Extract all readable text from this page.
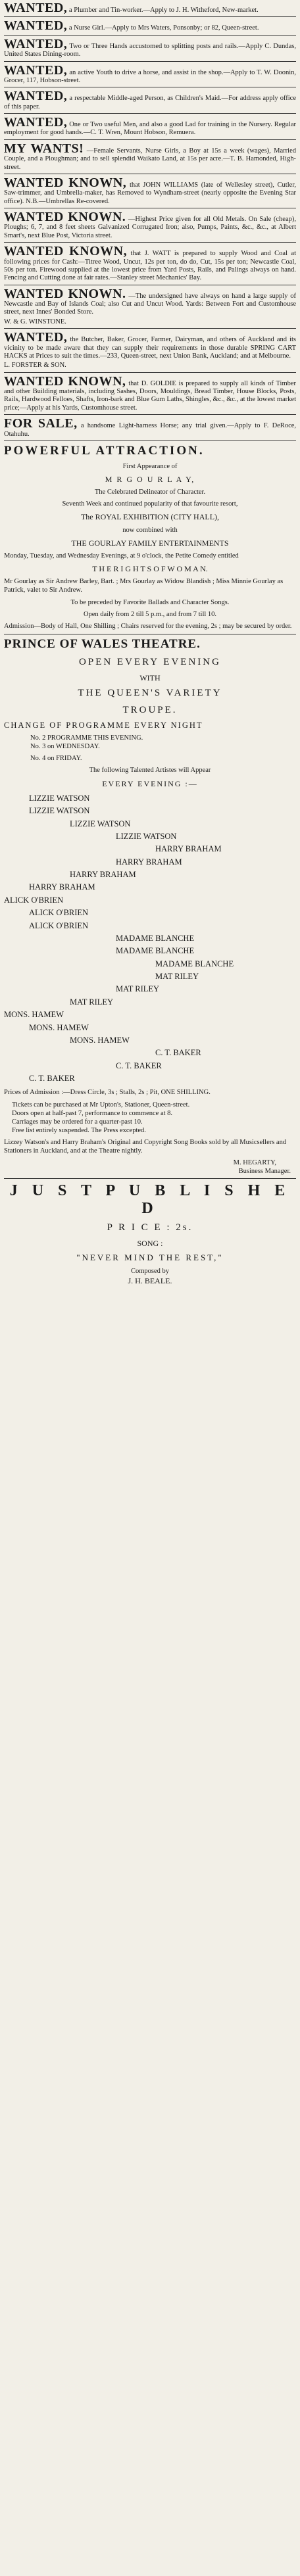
WANTED, a Plumber and Tin-worker.—Apply to J. H. Witheford, New-market.
WANTED, a Nurse Girl.—Apply to Mrs Waters, Ponsonby; or 82, Queen-street.
WANTED, Two or Three Hands accustomed to splitting posts and rails.—Apply C. Dundas, United States Dining-room.
WANTED, an active Youth to drive a horse, and assist in the shop.—Apply to T. W. Doonin, Grocer, 117, Hobson-street.
WANTED, a respectable Middle-aged Person, as Children's Maid.—For address apply office of this paper.
WANTED, One or Two useful Men, and also a good Lad for training in the Nursery. Regular employment for good hands.—C. T. Wren, Mount Hobson, Remuera.
MY WANTS! —Female Servants, Nurse Girls, a Boy at 15s a week (wages), Married Couple, and a Ploughman; and to sell splendid Waikato Land, at 15s per acre.—T. B. Hamonded, High-street.
WANTED KNOWN, that JOHN WILLIAMS (late of Wellesley street), Cutler, Saw-trimmer, and Umbrella-maker, has Removed to Wyndham-street (nearly opposite the Evening Star office). N.B.—Umbrellas Re-covered.
WANTED KNOWN. —Highest Price given for all Old Metals. On Sale (cheap), Ploughs; 6, 7, and 8 feet sheets Galvanized Corrugated Iron; also, Pumps, Paints, &c., &c., at Albert Smart's, next Blue Post, Victoria street.
WANTED KNOWN, that J. WATT is prepared to supply Wood and Coal at following prices for Cash:—Titree Wood, Uncut, 12s per ton, do do, Cut, 15s per ton; Newcastle Coal, 50s per ton. Firewood supplied at the lowest price from Yard Posts, Rails, and Palings always on hand. Fencing and Cutting done at fair rates.—Stanley street Mechanics' Bay.
WANTED KNOWN. —The undersigned have always on hand a large supply of Newcastle and Bay of Islands Coal; also Cut and Uncut Wood. Yards: Between Fort and Customhouse street, next Innes' Bonded Store.
W. & G. WINSTONE.
WANTED, the Butcher, Baker, Grocer, Farmer, Dairyman, and others of Auckland and its vicinity to be made aware that they can supply their requirements in those durable SPRING CART HACKS at Prices to suit the times.—233, Queen-street, next Union Bank, Auckland; and at Melbourne.
L. FORSTER & SON.
WANTED KNOWN, that D. GOLDIE is prepared to supply all kinds of Timber and other Building materials, including Sashes, Doors, Mouldings, Bread Timber, House Blocks, Posts, Rails, Hardwood Felloes, Shafts, Iron-bark and Blue Gum Laths, Shingles, &c., &c., at the lowest market price;—Apply at his Yards, Customhouse street.
FOR SALE, a handsome Light-harness Horse; any trial given.—Apply to F. DeRoce, Otahuhu.
POWERFUL ATTRACTION.
First Appearance of
M R G O U R L A Y,
The Celebrated Delineator of Character.
Seventh Week and continued popularity of that favourite resort,
The ROYAL EXHIBITION (CITY HALL),
now combined with
THE GOURLAY FAMILY ENTERTAINMENTS
Monday, Tuesday, and Wednesday Evenings, at 9 o'clock, the Petite Comedy entitled
T H E R I G H T S O F W O M A N.
Mr Gourlay as Sir Andrew Barley, Bart. ; Mrs Gourlay as Widow Blandish ; Miss Minnie Gourlay as Patrick, valet to Sir Andrew.
To be preceded by Favorite Ballads and Character Songs.
Open daily from 2 till 5 p.m., and from 7 till 10.
Admission—Body of Hall, One Shilling ; Chairs reserved for the evening, 2s ; may be secured by order.
PRINCE OF WALES THEATRE.
OPEN EVERY EVENING
WITH
THE QUEEN'S VARIETY
TROUPE.
CHANGE OF PROGRAMME EVERY NIGHT
No. 2 PROGRAMME THIS EVENING.
No. 3 on WEDNESDAY.
No. 4 on FRIDAY.
The following Talented Artistes will Appear
EVERY EVENING :—
LIZZIE WATSON
LIZZIE WATSON
LIZZIE WATSON
LIZZIE WATSON
HARRY BRAHAM
HARRY BRAHAM
HARRY BRAHAM
HARRY BRAHAM
ALICK O'BRIEN
ALICK O'BRIEN
ALICK O'BRIEN
MADAME BLANCHE
MADAME BLANCHE
MADAME BLANCHE
MAT RILEY
MAT RILEY
MAT RILEY
MONS. HAMEW
MONS. HAMEW
MONS. HAMEW
C. T. BAKER
C. T. BAKER
C. T. BAKER
Prices of Admission :—Dress Circle, 3s ; Stalls, 2s ; Pit, ONE SHILLING.
Tickets can be purchased at Mr Upton's, Stationer, Queen-street.
Doors open at half-past 7, performance to commence at 8.
Carriages may be ordered for a quarter-past 10.
Free list entirely suspended. The Press excepted.
Lizzey Watson's and Harry Braham's Original and Copyright Song Books sold by all Musicsellers and Stationers in Auckland, and at the Theatre nightly.
M. HEGARTY,
Business Manager.
J U S T P U B L I S H E D
P R I C E : 2s.
SONG :
"NEVER MIND THE REST,"
Composed by
J. H. BEALE.
